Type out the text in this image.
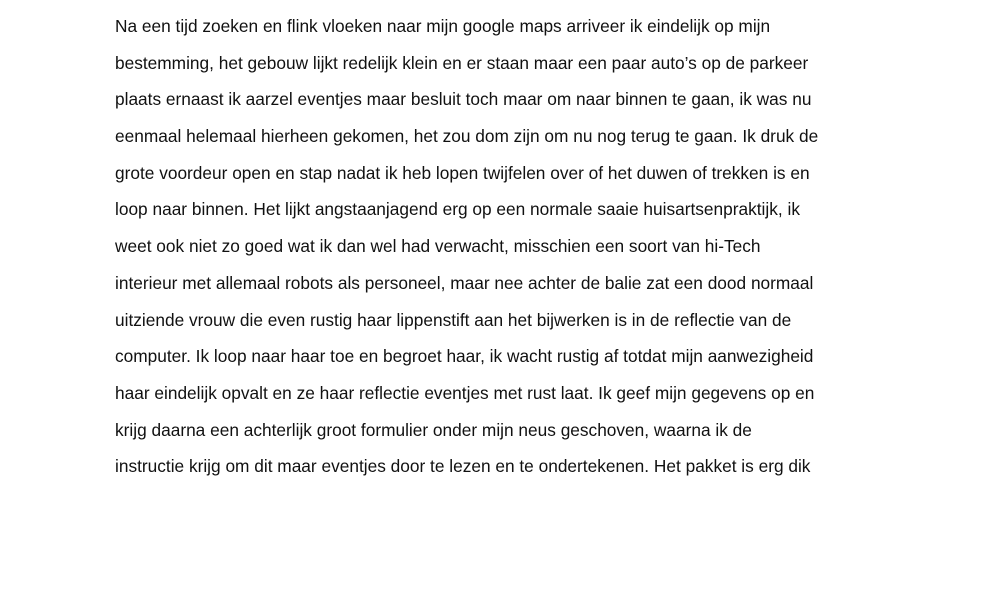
Na een tijd zoeken en flink vloeken naar mijn google maps arriveer ik eindelijk op mijn
bestemming, het gebouw lijkt redelijk klein en er staan maar een paar auto’s op de parkeer
plaats ernaast ik aarzel eventjes maar besluit toch maar om naar binnen te gaan, ik was nu
eenmaal helemaal hierheen gekomen, het zou dom zijn om nu nog terug te gaan. Ik druk de
grote voordeur open en stap nadat ik heb lopen twijfelen over of het duwen of trekken is en
loop naar binnen. Het lijkt angstaanjagend erg op een normale saaie huisartsenpraktijk, ik
weet ook niet zo goed wat ik dan wel had verwacht, misschien een soort van hi-Tech
interieur met allemaal robots als personeel, maar nee achter de balie zat een dood normaal
uitziende vrouw die even rustig haar lippenstift aan het bijwerken is in de reflectie van de
computer. Ik loop naar haar toe en begroet haar, ik wacht rustig af totdat mijn aanwezigheid
haar eindelijk opvalt en ze haar reflectie eventjes met rust laat. Ik geef mijn gegevens op en
krijg daarna een achterlijk groot formulier onder mijn neus geschoven, waarna ik de
instructie krijg om dit maar eventjes door te lezen en te ondertekenen. Het pakket is erg dik
